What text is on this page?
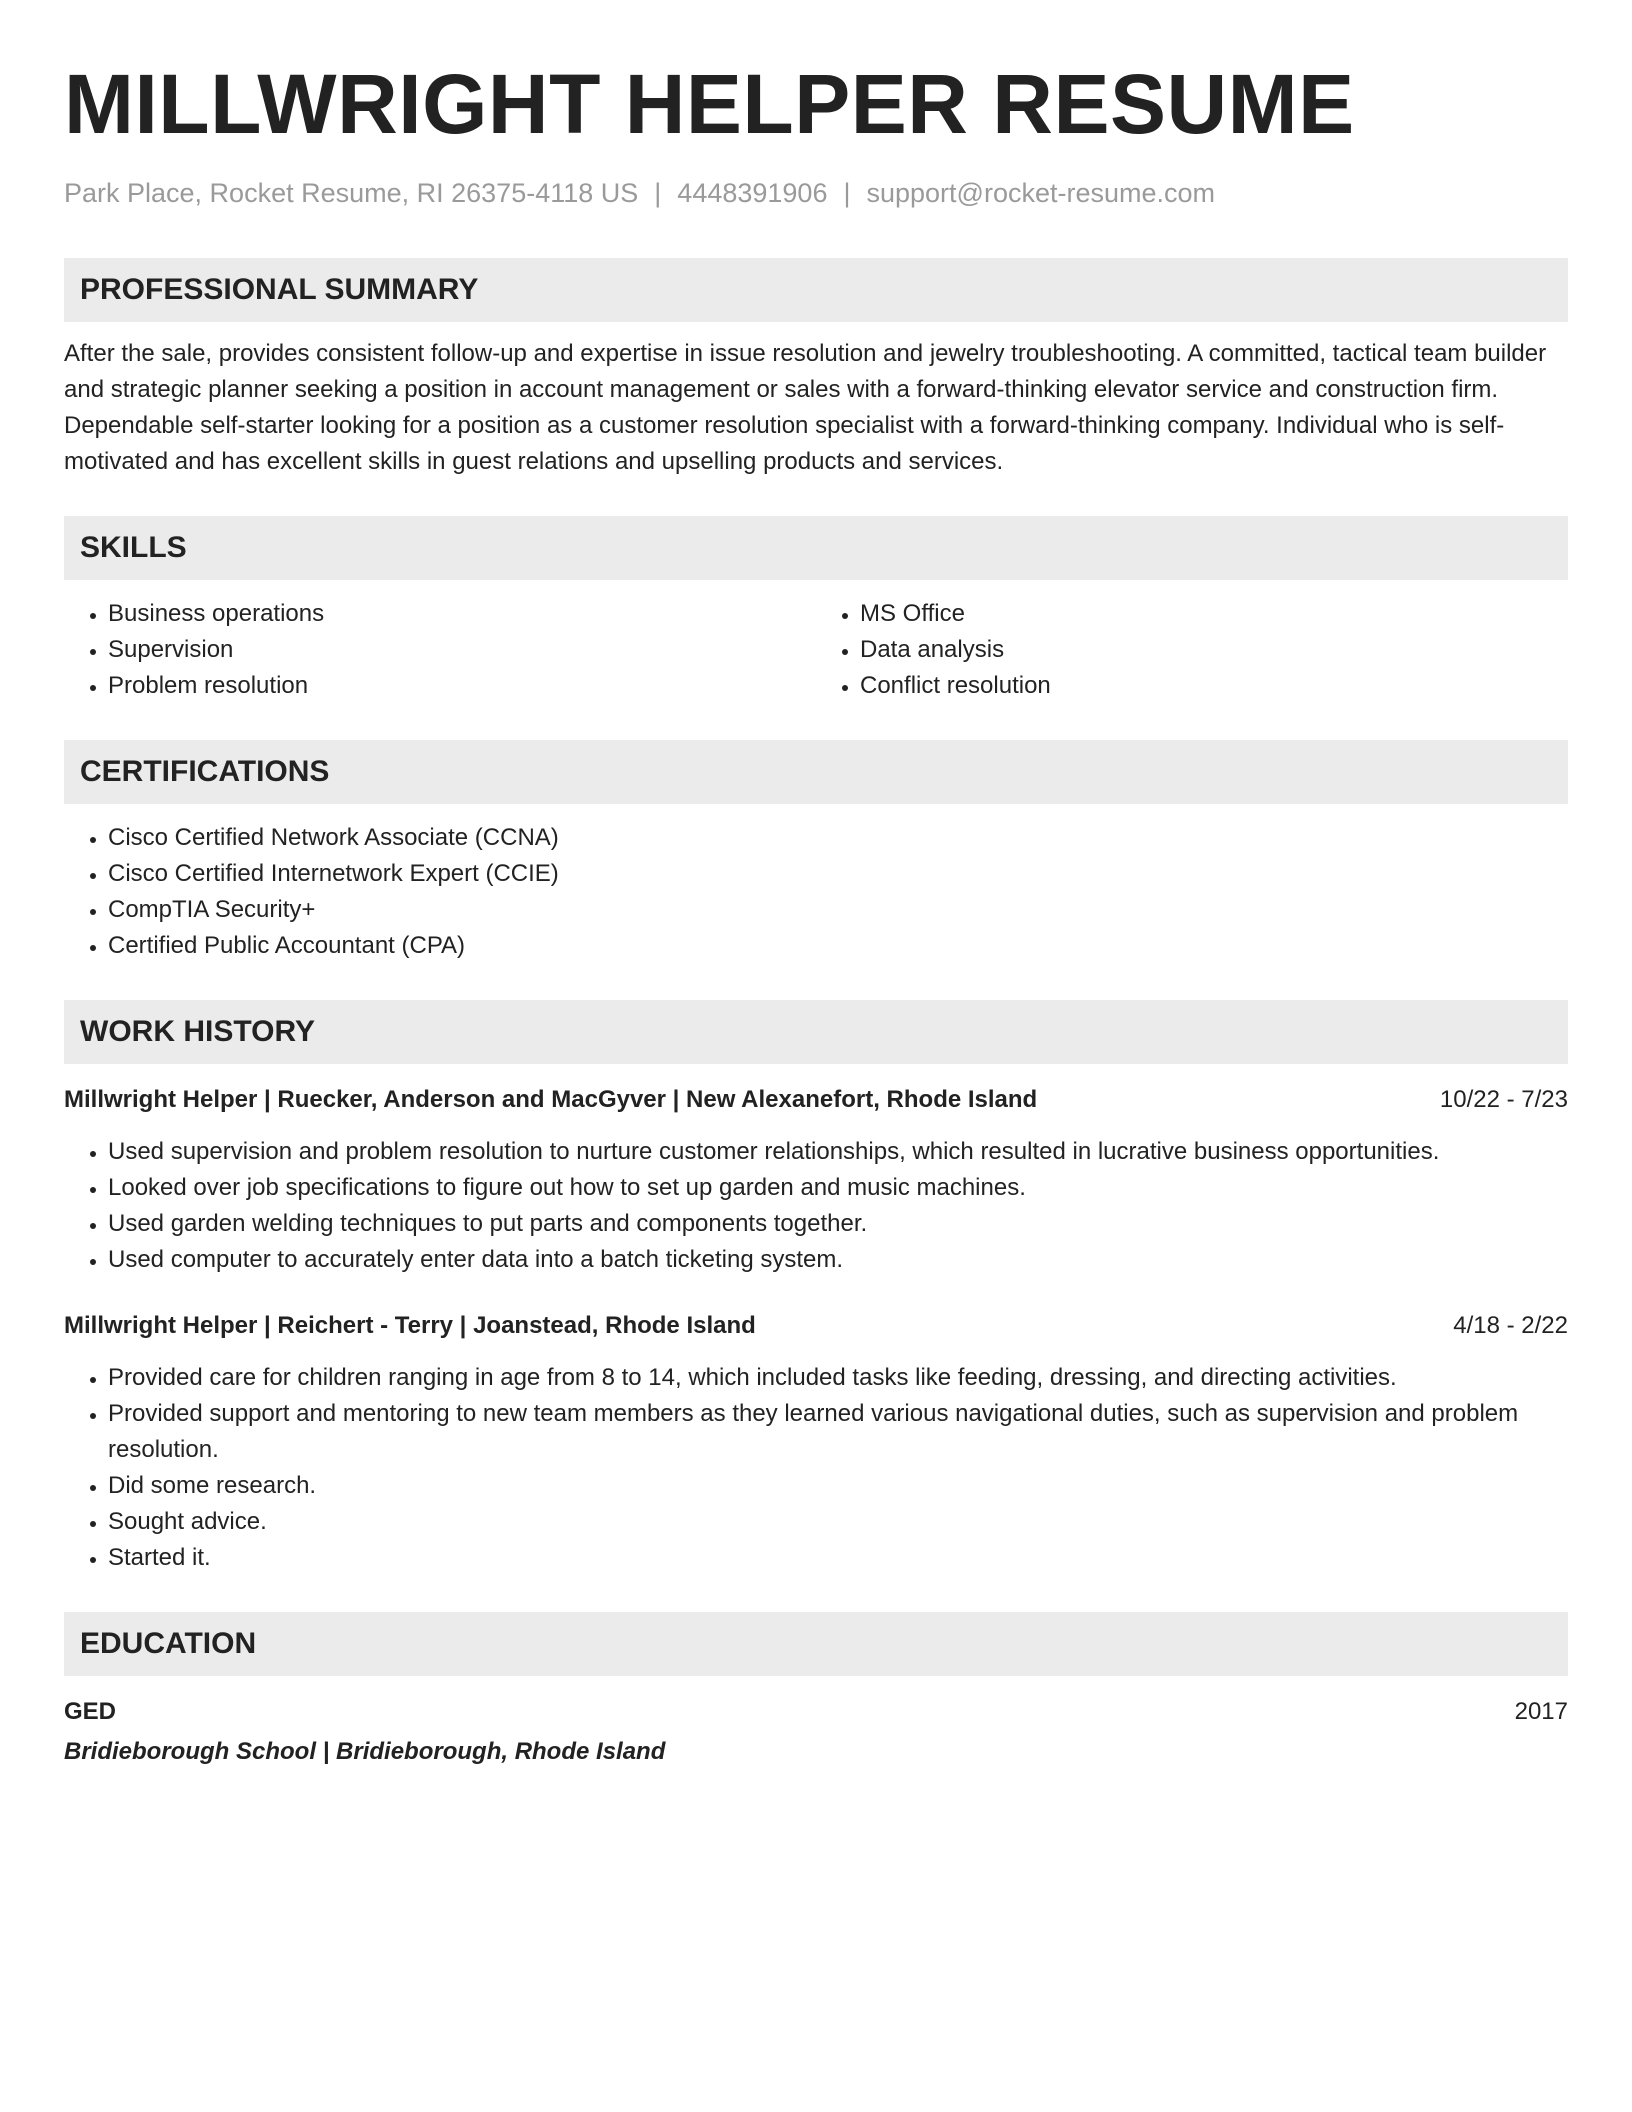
MILLWRIGHT HELPER RESUME
Park Place, Rocket Resume, RI 26375-4118 US | 4448391906 | support@rocket-resume.com
PROFESSIONAL SUMMARY

After the sale, provides consistent follow-up and expertise in issue resolution and jewelry troubleshooting. A committed, tactical team builder and strategic planner seeking a position in account management or sales with a forward-thinking elevator service and construction firm. Dependable self-starter looking for a position as a customer resolution specialist with a forward-thinking company. Individual who is self-motivated and has excellent skills in guest relations and upselling products and services.

SKILLS
• Business operations
• Supervision
• Problem resolution
• MS Office
• Data analysis
• Conflict resolution
CERTIFICATIONS
• Cisco Certified Network Associate (CCNA)
• Cisco Certified Internetwork Expert (CCIE)
• CompTIA Security+
• Certified Public Accountant (CPA)
WORK HISTORY
Millwright Helper | Ruecker, Anderson and MacGyver | New Alexanefort, Rhode Island	10/22 - 7/23
• Used supervision and problem resolution to nurture customer relationships, which resulted in lucrative business opportunities.
• Looked over job specifications to figure out how to set up garden and music machines.
• Used garden welding techniques to put parts and components together.
• Used computer to accurately enter data into a batch ticketing system.
Millwright Helper | Reichert - Terry | Joanstead, Rhode Island	4/18 - 2/22
• Provided care for children ranging in age from 8 to 14, which included tasks like feeding, dressing, and directing activities.
• Provided support and mentoring to new team members as they learned various navigational duties, such as supervision and problem resolution.
• Did some research.
• Sought advice.
• Started it.
EDUCATION
GED	2017
Bridieborough School | Bridieborough, Rhode Island
